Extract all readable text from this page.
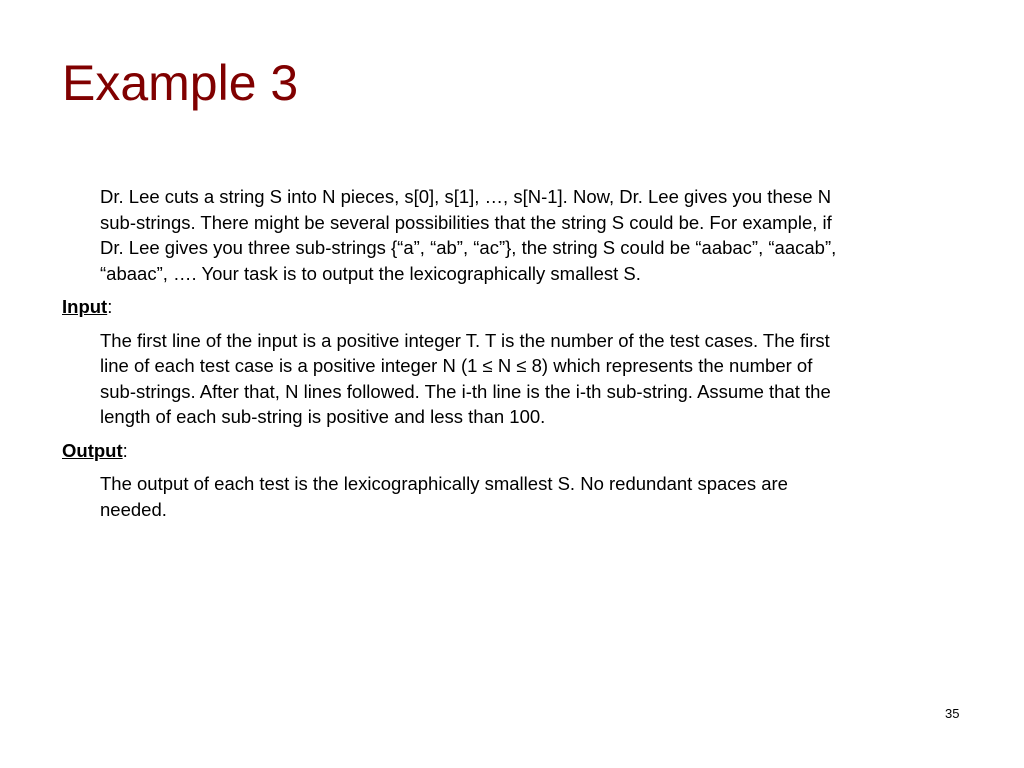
Example 3

Dr. Lee cuts a string S into N pieces, s[0], s[1], …, s[N-1]. Now, Dr. Lee gives you these N
sub-strings. There might be several possibilities that the string S could be. For example, if
Dr. Lee gives you three sub-strings {“a”, “ab”, “ac”}, the string S could be “aabac”, “aacab”,
“abaac”, …. Your task is to output the lexicographically smallest S.

Input:

The first line of the input is a positive integer T. T is the number of the test cases. The first
line of each test case is a positive integer N (1 ≤ N ≤ 8) which represents the number of
sub-strings. After that, N lines followed. The i-th line is the i-th sub-string. Assume that the
length of each sub-string is positive and less than 100.

Output:

The output of each test is the lexicographically smallest S. No redundant spaces are
needed.

35
